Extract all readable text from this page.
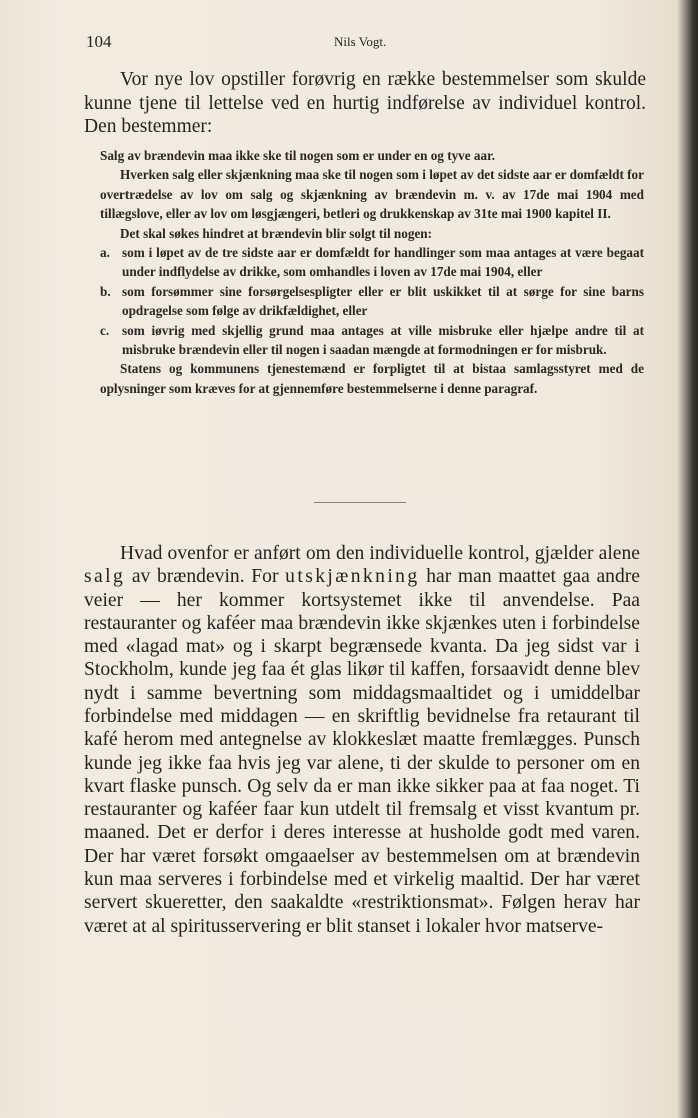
104	Nils Vogt.

Vor nye lov opstiller forøvrig en række bestemmelser som skulde kunne tjene til lettelse ved en hurtig indførelse av individuel kontrol. Den bestemmer:

Salg av brændevin maa ikke ske til nogen som er under en og tyve aar.

Hverken salg eller skjænkning maa ske til nogen som i løpet av det sidste aar er domfældt for overtrædelse av lov om salg og skjænkning av brændevin m. v. av 17de mai 1904 med tillægslove, eller av lov om løsgjængeri, betleri og drukkenskap av 31te mai 1900 kapitel II.

Det skal søkes hindret at brændevin blir solgt til nogen:

a. som i løpet av de tre sidste aar er domfældt for handlinger som maa antages at være begaat under indflydelse av drikke, som omhandles i loven av 17de mai 1904, eller

b. som forsømmer sine forsørgelsespligter eller er blit uskikket til at sørge for sine barns opdragelse som følge av drikfældighet, eller

c. som iøvrig med skjellig grund maa antages at ville misbruke eller hjælpe andre til at misbruke brændevin eller til nogen i saadan mængde at formodningen er for misbruk.

Statens og kommunens tjenestemænd er forpligtet til at bistaa samlagsstyret med de oplysninger som kræves for at gjennemføre bestemmelserne i denne paragraf.

Hvad ovenfor er anført om den individuelle kontrol, gjælder alene salg av brændevin. For utskjænkning har man maattet gaa andre veier — her kommer kortsystemet ikke til anvendelse. Paa restauranter og kaféer maa brændevin ikke skjænkes uten i forbindelse med «lagad mat» og i skarpt begrænsede kvanta. Da jeg sidst var i Stockholm, kunde jeg faa ét glas likør til kaffen, forsaavidt denne blev nydt i samme bevertning som middagsmaaltidet og i umiddelbar forbindelse med middagen — en skriftlig bevidnelse fra retaurant til kafé herom med antegnelse av klokkeslæt maatte fremlægges. Punsch kunde jeg ikke faa hvis jeg var alene, ti der skulde to personer om en kvart flaske punsch. Og selv da er man ikke sikker paa at faa noget. Ti restauranter og kaféer faar kun utdelt til fremsalg et visst kvantum pr. maaned. Det er derfor i deres interesse at husholde godt med varen. Der har været forsøkt omgaaelser av bestemmelsen om at brændevin kun maa serveres i forbindelse med et virkelig maaltid. Der har været servert skueretter, den saakaldte «restriktionsmat». Følgen herav har været at al spiritusservering er blit stanset i lokaler hvor matserve-
